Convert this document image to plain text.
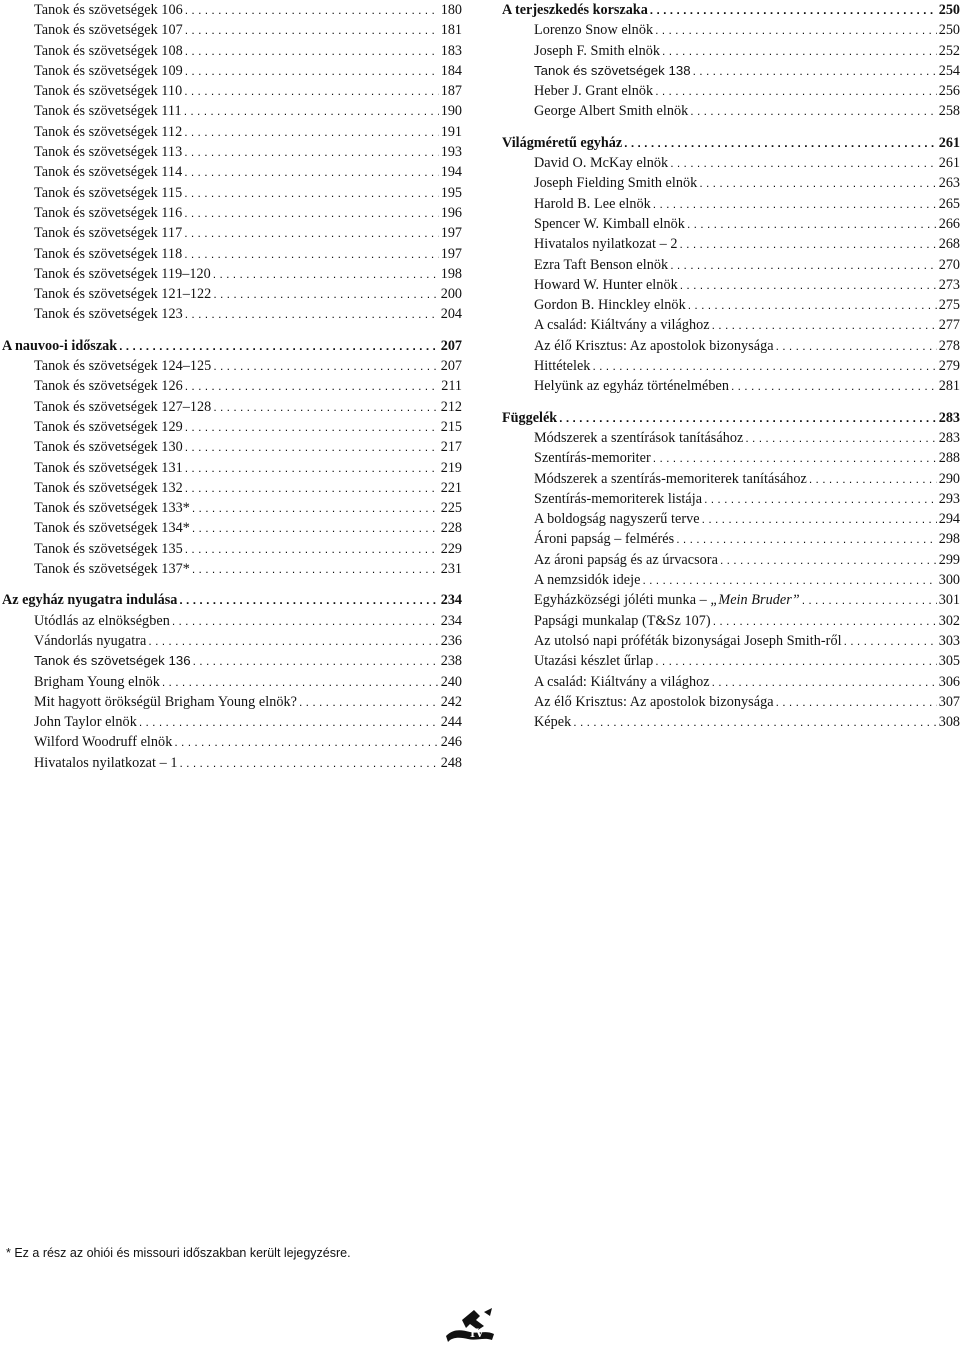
Tanok és szövetségek 106 . . .	180
Tanok és szövetségek 107 . . .	181
Tanok és szövetségek 108 . . .	183
Tanok és szövetségek 109 . . .	184
Tanok és szövetségek 110 . . .	187
Tanok és szövetségek 111 . . .	190
Tanok és szövetségek 112 . . .	191
Tanok és szövetségek 113 . . .	193
Tanok és szövetségek 114 . . .	194
Tanok és szövetségek 115 . . .	195
Tanok és szövetségek 116 . . .	196
Tanok és szövetségek 117 . . .	197
Tanok és szövetségek 118 . . .	197
Tanok és szövetségek 119–120 . . .	198
Tanok és szövetségek 121–122 . . .	200
Tanok és szövetségek 123 . . .	204
A nauvoo-i időszak . . .	207
Tanok és szövetségek 124–125 . . .	207
Tanok és szövetségek 126 . . .	211
Tanok és szövetségek 127–128 . . .	212
Tanok és szövetségek 129 . . .	215
Tanok és szövetségek 130 . . .	217
Tanok és szövetségek 131 . . .	219
Tanok és szövetségek 132 . . .	221
Tanok és szövetségek 133* . . .	225
Tanok és szövetségek 134* . . .	228
Tanok és szövetségek 135 . . .	229
Tanok és szövetségek 137* . . .	231
Az egyház nyugatra indulása . . .	234
Utódlás az elnökségben . . .	234
Vándorlás nyugatra . . .	236
Tanok és szövetségek 136 . . .	238
Brigham Young elnök . . .	240
Mit hagyott örökségül Brigham Young elnök? . . .	242
John Taylor elnök . . .	244
Wilford Woodruff elnök . . .	246
Hivatalos nyilatkozat – 1 . . .	248
A terjeszkedés korszaka . . .	250
Lorenzo Snow elnök . . .	250
Joseph F. Smith elnök . . .	252
Tanok és szövetségek 138 . . .	254
Heber J. Grant elnök . . .	256
George Albert Smith elnök . . .	258
Világméretű egyház . . .	261
David O. McKay elnök . . .	261
Joseph Fielding Smith elnök . . .	263
Harold B. Lee elnök . . .	265
Spencer W. Kimball elnök . . .	266
Hivatalos nyilatkozat – 2 . . .	268
Ezra Taft Benson elnök . . .	270
Howard W. Hunter elnök . . .	273
Gordon B. Hinckley elnök . . .	275
A család: Kiáltvány a világhoz . . .	277
Az élő Krisztus: Az apostolok bizonysága . . .	278
Hittételek . . .	279
Helyünk az egyház történelmében . . .	281
Függelék . . .	283
Módszerek a szentírások tanításához . . .	283
Szentírás-memoriter . . .	288
Módszerek a szentírás-memoriterek tanításához . . .	290
Szentírás-memoriterek listája . . .	293
A boldogság nagyszerű terve . . .	294
Ároni papság – felmérés . . .	298
Az ároni papság és az úrvacsora . . .	299
A nemzsidók ideje . . .	300
Egyházközségi jóléti munka – „Mein Bruder” . . .	301
Papsági munkalap (T&Sz 107) . . .	302
Az utolsó napi próféták bizonyságai Joseph Smith-ről . . .	303
Utazási készlet űrlap . . .	305
A család: Kiáltvány a világhoz . . .	306
Az élő Krisztus: Az apostolok bizonysága . . .	307
Képek . . .	308
* Ez a rész az ohiói és missouri időszakban került lejegyzésre.
IV
